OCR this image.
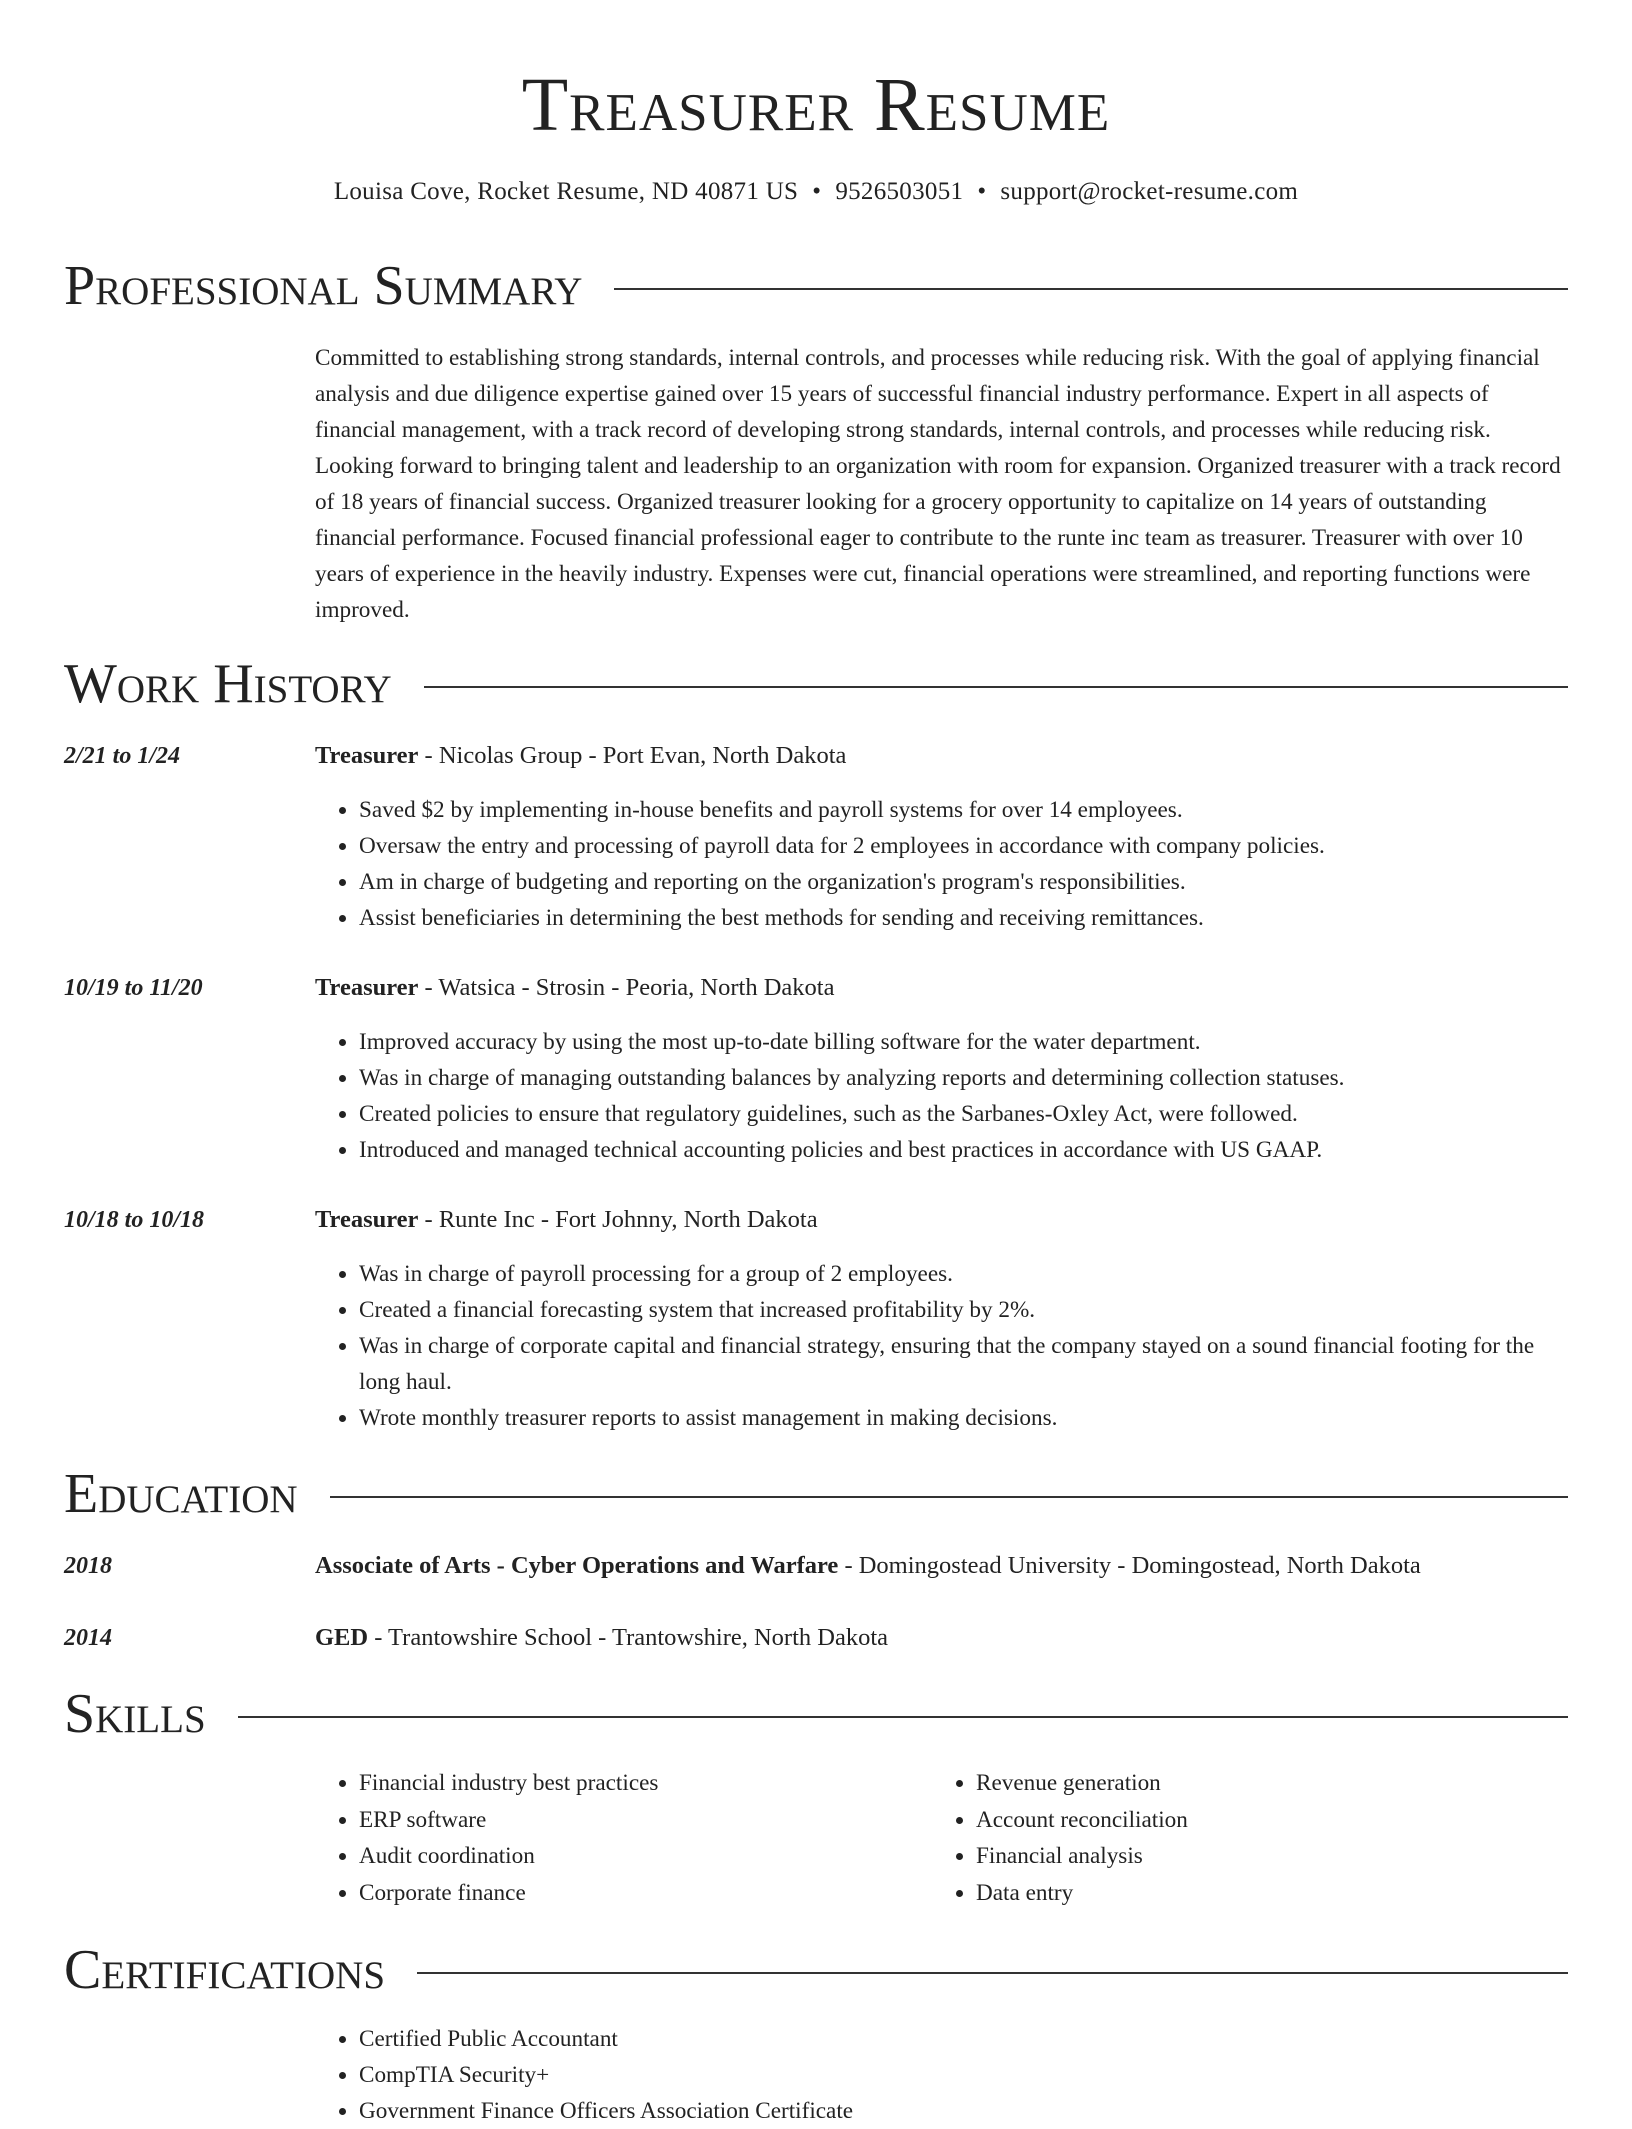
Treasurer Resume
Louisa Cove, Rocket Resume, ND 40871 US • 9526503051 • support@rocket-resume.com
Professional Summary
Committed to establishing strong standards, internal controls, and processes while reducing risk. With the goal of applying financial analysis and due diligence expertise gained over 15 years of successful financial industry performance. Expert in all aspects of financial management, with a track record of developing strong standards, internal controls, and processes while reducing risk. Looking forward to bringing talent and leadership to an organization with room for expansion. Organized treasurer with a track record of 18 years of financial success. Organized treasurer looking for a grocery opportunity to capitalize on 14 years of outstanding financial performance. Focused financial professional eager to contribute to the runte inc team as treasurer. Treasurer with over 10 years of experience in the heavily industry. Expenses were cut, financial operations were streamlined, and reporting functions were improved.
Work History
2/21 to 1/24	Treasurer - Nicolas Group - Port Evan, North Dakota
• Saved $2 by implementing in-house benefits and payroll systems for over 14 employees.
• Oversaw the entry and processing of payroll data for 2 employees in accordance with company policies.
• Am in charge of budgeting and reporting on the organization's program's responsibilities.
• Assist beneficiaries in determining the best methods for sending and receiving remittances.
10/19 to 11/20	Treasurer - Watsica - Strosin - Peoria, North Dakota
• Improved accuracy by using the most up-to-date billing software for the water department.
• Was in charge of managing outstanding balances by analyzing reports and determining collection statuses.
• Created policies to ensure that regulatory guidelines, such as the Sarbanes-Oxley Act, were followed.
• Introduced and managed technical accounting policies and best practices in accordance with US GAAP.
10/18 to 10/18	Treasurer - Runte Inc - Fort Johnny, North Dakota
• Was in charge of payroll processing for a group of 2 employees.
• Created a financial forecasting system that increased profitability by 2%.
• Was in charge of corporate capital and financial strategy, ensuring that the company stayed on a sound financial footing for the long haul.
• Wrote monthly treasurer reports to assist management in making decisions.
Education
2018	Associate of Arts - Cyber Operations and Warfare - Domingostead University - Domingostead, North Dakota
2014	GED - Trantowshire School - Trantowshire, North Dakota
Skills
• Financial industry best practices
• ERP software
• Audit coordination
• Corporate finance
• Revenue generation
• Account reconciliation
• Financial analysis
• Data entry
Certifications
• Certified Public Accountant
• CompTIA Security+
• Government Finance Officers Association Certificate
